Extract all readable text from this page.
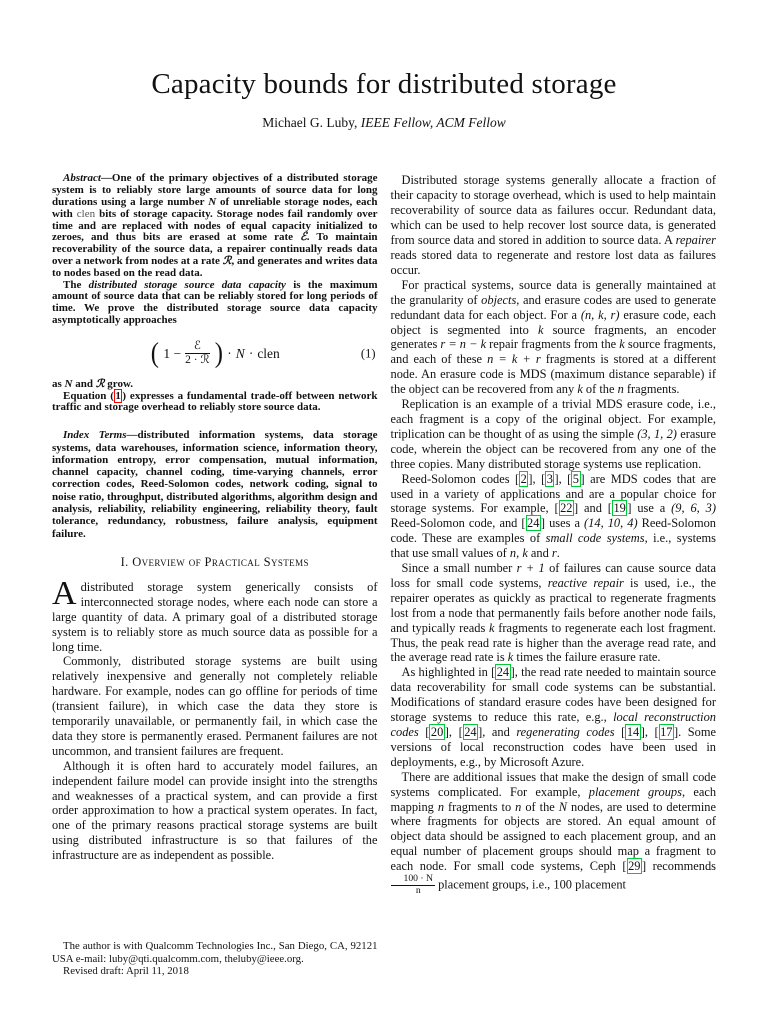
Capacity bounds for distributed storage
Michael G. Luby, IEEE Fellow, ACM Fellow

Abstract—One of the primary objectives of a distributed storage system is to reliably store large amounts of source data for long durations using a large number N of unreliable storage nodes, each with clen bits of storage capacity. Storage nodes fail randomly over time and are replaced with nodes of equal capacity initialized to zeroes, and thus bits are erased at some rate ℰ. To maintain recoverability of the source data, a repairer continually reads data over a network from nodes at a rate ℛ, and generates and writes data to nodes based on the read data.

The distributed storage source data capacity is the maximum amount of source data that can be reliably stored for long periods of time. We prove the distributed storage source data capacity asymptotically approaches

( $1 - \frac{\text{ℰ}}{\text{2 · ℛ}}$ ) · N · clen	(1)

as N and ℛ grow.

Equation ( 1 ) expresses a fundamental trade-off between network traffic and storage overhead to reliably store source data.

Index Terms—distributed information systems, data storage systems, data warehouses, information science, information theory, information entropy, error compensation, mutual information, channel capacity, channel coding, time-varying channels, error correction codes, Reed-Solomon codes, network coding, signal to noise ratio, throughput, distributed algorithms, algorithm design and analysis, reliability, reliability engineering, reliability theory, fault tolerance, redundancy, robustness, failure analysis, equipment failure.

I. Overview of Practical Systems

Adistributed storage system generically consists of interconnected storage nodes, where each node can store a large quantity of data. A primary goal of a distributed storage system is to reliably store as much source data as possible for a long time.

Commonly, distributed storage systems are built using relatively inexpensive and generally not completely reliable hardware. For example, nodes can go offline for periods of time (transient failure), in which case the data they store is temporarily unavailable, or permanently fail, in which case the data they store is permanently erased. Permanent failures are not uncommon, and transient failures are frequent.

Although it is often hard to accurately model failures, an independent failure model can provide insight into the strengths and weaknesses of a practical system, and can provide a first order approximation to how a practical system operates. In fact, one of the primary reasons practical storage systems are built using distributed infrastructure is so that failures of the infrastructure are as independent as possible.

The author is with Qualcomm Technologies Inc., San Diego, CA, 92121 USA e-mail: luby@qti.qualcomm.com, theluby@ieee.org.

Revised draft: April 11, 2018

Distributed storage systems generally allocate a fraction of their capacity to storage overhead, which is used to help maintain recoverability of source data as failures occur. Redundant data, which can be used to help recover lost source data, is generated from source data and stored in addition to source data. A repairer reads stored data to regenerate and restore lost data as failures occur.

For practical systems, source data is generally maintained at the granularity of objects, and erasure codes are used to generate redundant data for each object. For a (n, k, r) erasure code, each object is segmented into k source fragments, an encoder generates r = n − k repair fragments from the k source fragments, and each of these n = k + r fragments is stored at a different node. An erasure code is MDS (maximum distance separable) if the object can be recovered from any k of the n fragments.

Replication is an example of a trivial MDS erasure code, i.e., each fragment is a copy of the original object. For example, triplication can be thought of as using the simple (3, 1, 2) erasure code, wherein the object can be recovered from any one of the three copies. Many distributed storage systems use replication.

Reed-Solomon codes [ 2 ], [ 3 ], [ 5 ] are MDS codes that are used in a variety of applications and are a popular choice for storage systems. For example, [ 22 ] and [ 19 ] use a (9, 6, 3) Reed-Solomon code, and [ 24 ] uses a (14, 10, 4) Reed-Solomon code. These are examples of small code systems, i.e., systems that use small values of n, k and r.

Since a small number r + 1 of failures can cause source data loss for small code systems, reactive repair is used, i.e., the repairer operates as quickly as practical to regenerate fragments lost from a node that permanently fails before another node fails, and typically reads k fragments to regenerate each lost fragment. Thus, the peak read rate is higher than the average read rate, and the average read rate is k times the failure erasure rate.

As highlighted in [ 24 ], the read rate needed to maintain source data recoverability for small code systems can be substantial. Modifications of standard erasure codes have been designed for storage systems to reduce this rate, e.g., local reconstruction codes [ 20 ], [ 24 ], and regenerating codes [ 14 ], [ 17 ]. Some versions of local reconstruction codes have been used in deployments, e.g., by Microsoft Azure.

There are additional issues that make the design of small code systems complicated. For example, placement groups, each mapping n fragments to n of the N nodes, are used to determine where fragments for objects are stored. An equal amount of object data should be assigned to each placement group, and an equal number of placement groups should map a fragment to each node. For small code systems, Ceph [ 29 ] recommends
$\frac{100 \cdot N}{n}$ placement groups, i.e., 100 placement
